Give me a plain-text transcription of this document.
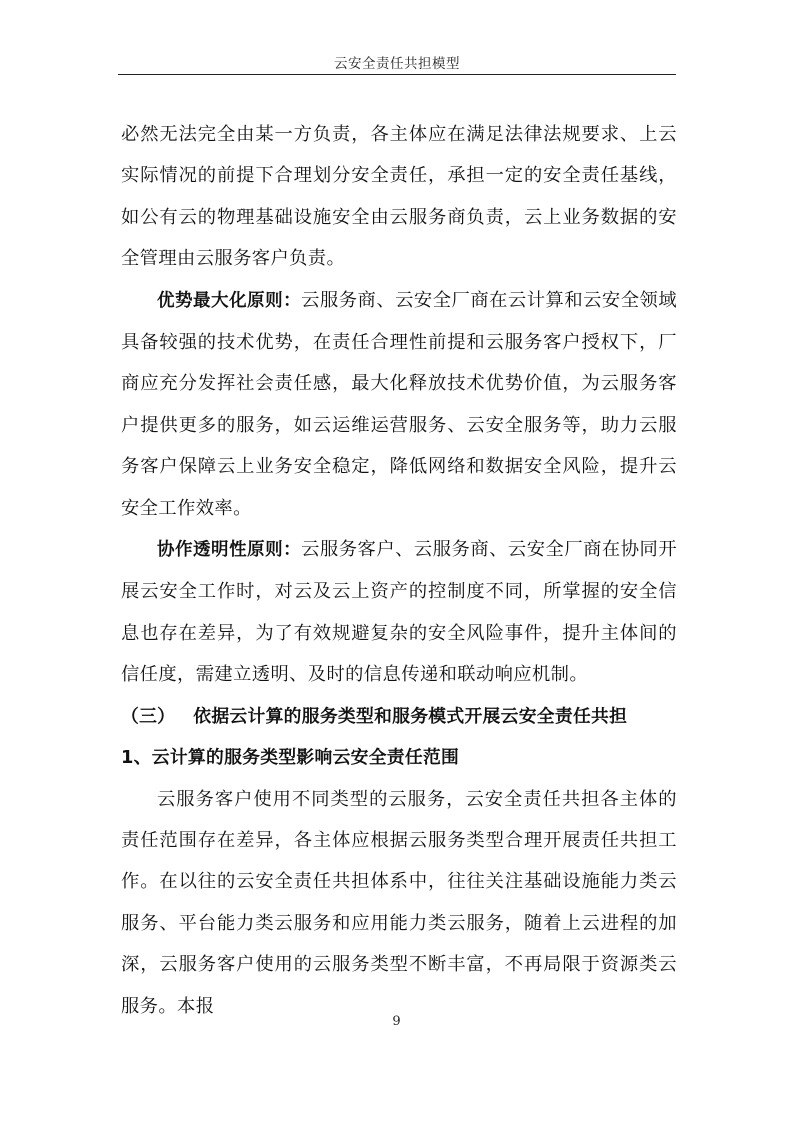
云安全责任共担模型

必然无法完全由某一方负责，各主体应在满足法律法规要求、上云实际情况的前提下合理划分安全责任，承担一定的安全责任基线，如公有云的物理基础设施安全由云服务商负责，云上业务数据的安全管理由云服务客户负责。

优势最大化原则：云服务商、云安全厂商在云计算和云安全领域具备较强的技术优势，在责任合理性前提和云服务客户授权下，厂商应充分发挥社会责任感，最大化释放技术优势价值，为云服务客户提供更多的服务，如云运维运营服务、云安全服务等，助力云服务客户保障云上业务安全稳定，降低网络和数据安全风险，提升云安全工作效率。

协作透明性原则：云服务客户、云服务商、云安全厂商在协同开展云安全工作时，对云及云上资产的控制度不同，所掌握的安全信息也存在差异，为了有效规避复杂的安全风险事件，提升主体间的信任度，需建立透明、及时的信息传递和联动响应机制。

（三） 依据云计算的服务类型和服务模式开展云安全责任共担

1、云计算的服务类型影响云安全责任范围

云服务客户使用不同类型的云服务，云安全责任共担各主体的责任范围存在差异，各主体应根据云服务类型合理开展责任共担工作。在以往的云安全责任共担体系中，往往关注基础设施能力类云服务、平台能力类云服务和应用能力类云服务，随着上云进程的加深，云服务客户使用的云服务类型不断丰富，不再局限于资源类云服务。本报

9
